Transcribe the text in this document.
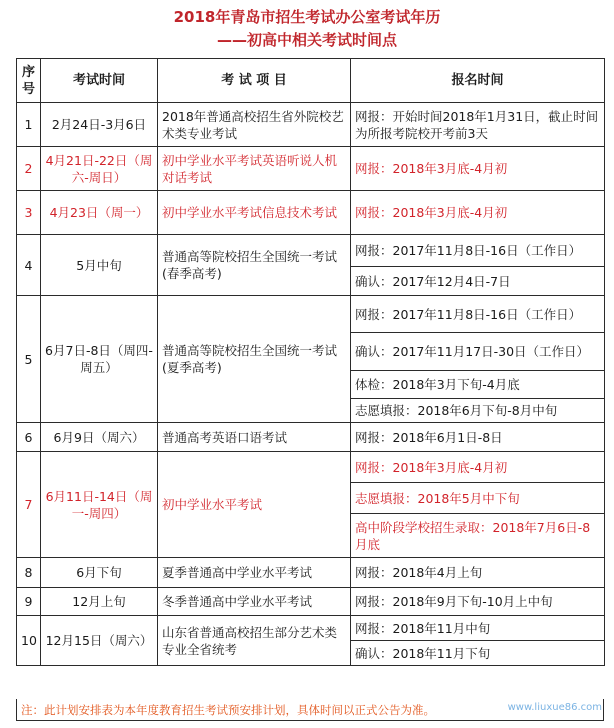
2018年青岛市招生考试办公室考试年历
——初高中相关考试时间点
序号	考试时间	考 试 项 目	报名时间
1	2月24日-3月6日	2018年普通高校招生省外院校艺术类专业考试	网报：开始时间2018年1月31日，截止时间为所报考院校开考前3天
2	4月21日-22日（周六-周日）	初中学业水平考试英语听说人机对话考试	网报：2018年3月底-4月初
3	4月23日（周一）	初中学业水平考试信息技术考试	网报：2018年3月底-4月初
4	5月中旬	普通高等院校招生全国统一考试(春季高考)	网报：2017年11月8日-16日（工作日）
			确认：2017年12月4日-7日
5	6月7日-8日（周四-周五）	普通高等院校招生全国统一考试(夏季高考)	网报：2017年11月8日-16日（工作日）
			确认：2017年11月17日-30日（工作日）
			体检：2018年3月下旬-4月底
			志愿填报：2018年6月下旬-8月中旬
6	6月9日（周六）	普通高考英语口语考试	网报：2018年6月1日-8日
7	6月11日-14日（周一-周四）	初中学业水平考试	网报：2018年3月底-4月初
			志愿填报：2018年5月中下旬
			高中阶段学校招生录取：2018年7月6日-8月底
8	6月下旬	夏季普通高中学业水平考试	网报：2018年4月上旬
9	12月上旬	冬季普通高中学业水平考试	网报：2018年9月下旬-10月上中旬
10	12月15日（周六）	山东省普通高校招生部分艺术类专业全省统考	网报：2018年11月中旬
			确认：2018年11月下旬
注：此计划安排表为本年度教育招生考试预安排计划，具体时间以正式公告为准。	www.liuxue86.com
